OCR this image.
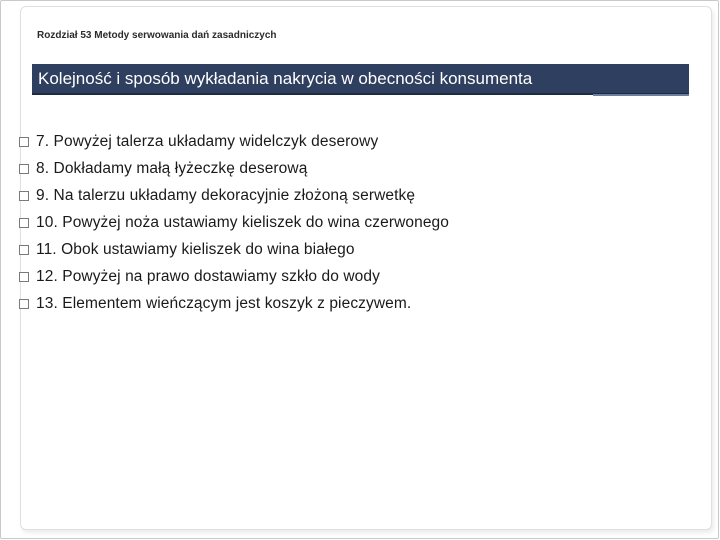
Rozdział 53 Metody serwowania dań zasadniczych
Kolejność i sposób wykładania nakrycia w obecności konsumenta
7. Powyżej talerza układamy widelczyk deserowy
8. Dokładamy małą łyżeczkę deserową
9. Na talerzu układamy dekoracyjnie złożoną serwetkę
10. Powyżej noża ustawiamy kieliszek do wina czerwonego
11. Obok ustawiamy kieliszek do wina białego
12. Powyżej na prawo dostawiamy szkło do wody
13. Elementem wieńczącym jest koszyk z pieczywem.
